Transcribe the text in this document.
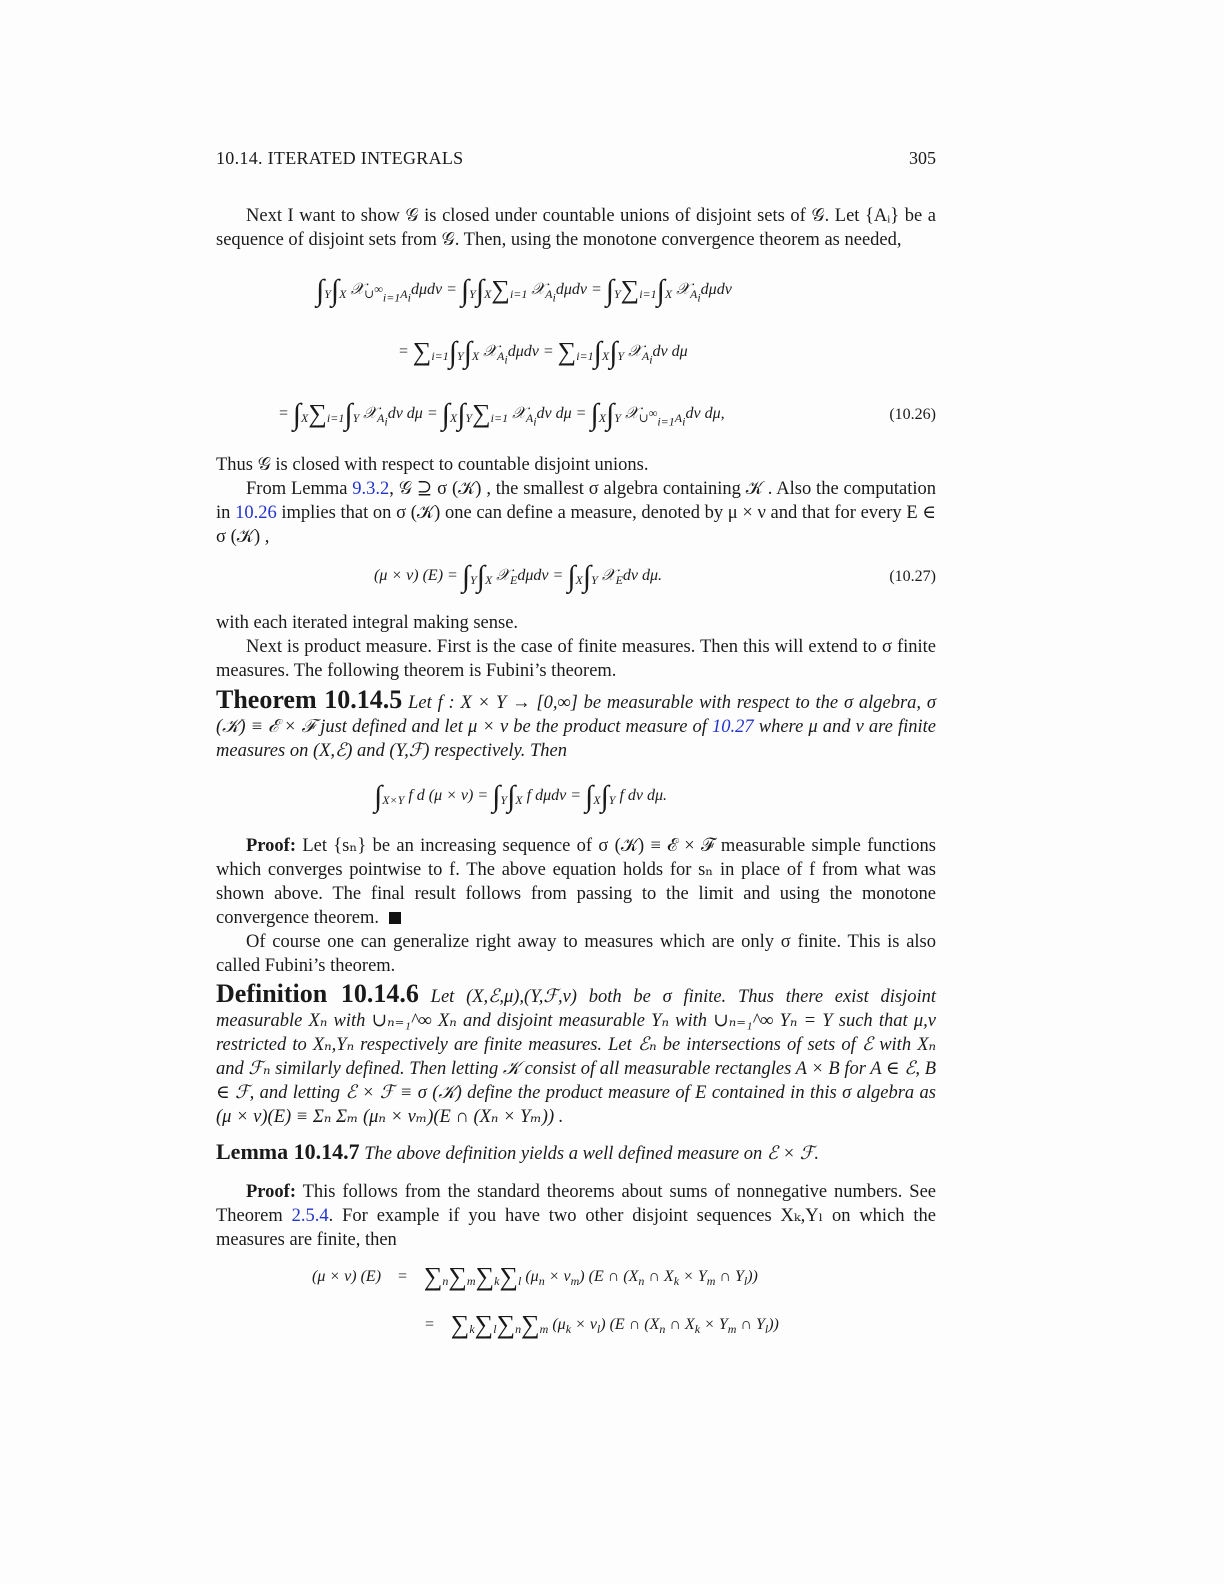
10.14. ITERATED INTEGRALS	305

Next I want to show 𝒢 is closed under countable unions of disjoint sets of 𝒢. Let {Aᵢ} be a sequence of disjoint sets from 𝒢. Then, using the monotone convergence theorem as needed,

$\int_Y\int_X$ 𝒳$_{\cup^\infty_{i=1}A_i}$dμdν = $\int_Y\int_X\sum_{i=1}$ 𝒳$_{A_i}$dμdν = $\int_Y\sum_{i=1}\int_X$ 𝒳$_{A_i}$dμdν
= $\sum_{i=1}\int_Y\int_X$ 𝒳$_{A_i}$dμdν = $\sum_{i=1}\int_X\int_Y$ 𝒳$_{A_i}$dν dμ
= $\int_X\sum_{i=1}\int_Y$ 𝒳$_{A_i}$dν $d\mu = \int_X\int_Y\sum_{i=1}$ 𝒳$_{A_i}$dν $d\mu = \int_X\int_Y$ 𝒳$_{\cup^\infty_{i=1}A_i}$dν dμ,	(10.26)

Thus 𝒢 is closed with respect to countable disjoint unions.

From Lemma 9.3.2, 𝒢 ⊇ σ (𝒦) , the smallest σ algebra containing 𝒦 . Also the computation in 10.26 implies that on σ (𝒦) one can define a measure, denoted by μ × ν and that for every E ∈ σ (𝒦) ,

(μ × ν) $(E) = \int_Y\int_X$ 𝒳$_E$dμdν = $\int_X\int_Y$ 𝒳$_E$dν dμ.	(10.27)

with each iterated integral making sense.

Next is product measure. First is the case of finite measures. Then this will extend to σ finite measures. The following theorem is Fubini’s theorem.

Theorem 10.14.5 Let f : X × Y → [0,∞] be measurable with respect to the σ algebra, σ (𝒦) ≡ ℰ × ℱ just defined and let μ × ν be the product measure of 10.27 where μ and ν are finite measures on (X,ℰ) and (Y,ℱ) respectively. Then

$\int_{X\times Y}$ f d $(\mu \times \nu) = \int_Y\int_X$ f $d\mu d\nu = \int_X\int_Y$ f dν dμ.

Proof: Let {sₙ} be an increasing sequence of σ (𝒦) ≡ ℰ × ℱ measurable simple functions which converges pointwise to f. The above equation holds for sₙ in place of f from what was shown above. The final result follows from passing to the limit and using the monotone convergence theorem.

Of course one can generalize right away to measures which are only σ finite. This is also called Fubini’s theorem.

Definition 10.14.6 Let (X,ℰ,μ),(Y,ℱ,ν) both be σ finite. Thus there exist disjoint measurable Xₙ with ∪ₙ₌₁^∞ Xₙ and disjoint measurable Yₙ with ∪ₙ₌₁^∞ Yₙ = Y such that μ,ν restricted to Xₙ,Yₙ respectively are finite measures. Let ℰₙ be intersections of sets of ℰ with Xₙ and ℱₙ similarly defined. Then letting 𝒦 consist of all measurable rectangles A × B for A ∈ ℰ, B ∈ ℱ, and letting ℰ × ℱ ≡ σ (𝒦) define the product measure of E contained in this σ algebra as (μ × ν)(E) ≡ Σₙ Σₘ (μₙ × νₘ)(E ∩ (Xₙ × Yₘ)) .

Lemma 10.14.7 The above definition yields a well defined measure on ℰ × ℱ.

Proof: This follows from the standard theorems about sums of nonnegative numbers. See Theorem 2.5.4. For example if you have two other disjoint sequences Xₖ,Yₗ on which the measures are finite, then

(μ × ν) (E)    =    $\sum_n\sum_m\sum_k\sum_l$ $(\mu_n \times \nu_m)$ (E ∩ ($X_n$ ∩ $X_k \times Y_m$ ∩ $Y_l$))
=    $\sum_k\sum_l\sum_n\sum_m$ $(\mu_k \times \nu_l)$ (E ∩ ($X_n$ ∩ $X_k \times Y_m$ ∩ $Y_l$))
